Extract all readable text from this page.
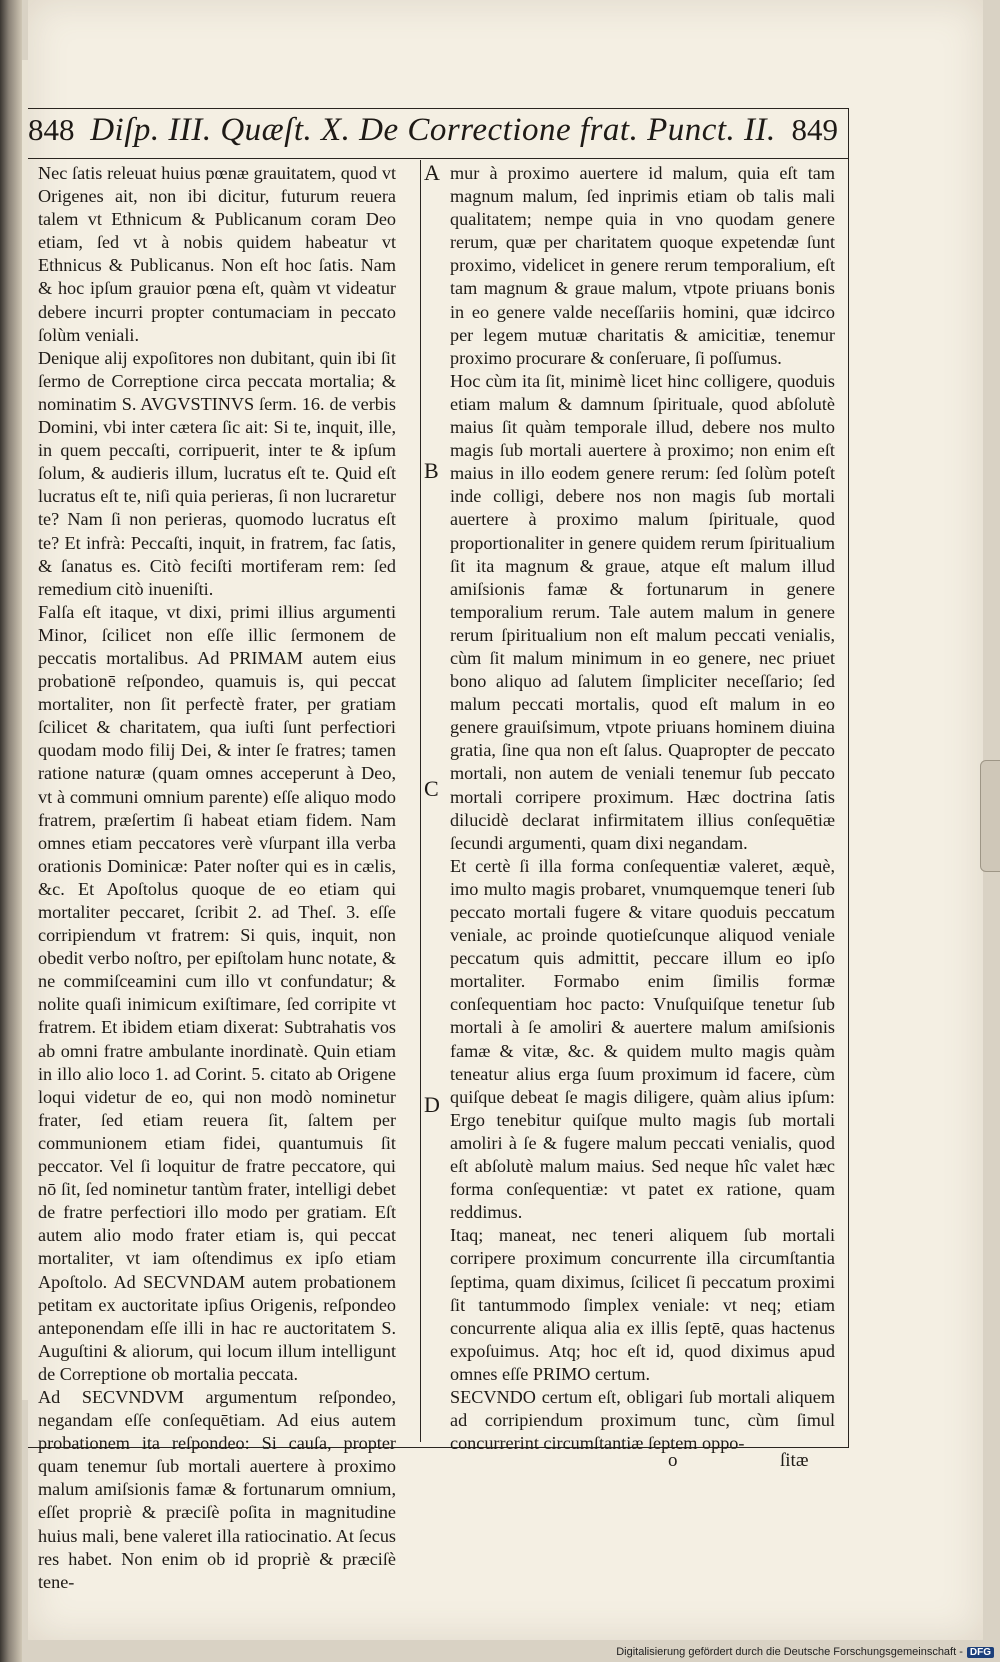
848 Diſp. III. Quæſt. X. De Correctione frat. Punct. II. 849
A
B
C
D
Nec ſatis releuat huius pœnæ grauitatem, quod vt Origenes ait, non ibi dicitur, futurum reuera talem vt Ethnicum & Publicanum coram Deo etiam, ſed vt à nobis quidem habeatur vt Ethnicus & Publicanus. Non eſt hoc ſatis. Nam & hoc ipſum grauior pœna eſt, quàm vt videatur debere incurri propter contumaciam in peccato ſolùm veniali.
Denique alij expoſitores non dubitant, quin ibi ſit ſermo de Correptione circa peccata mortalia; & nominatim S. AVGVSTINVS ſerm. 16. de verbis Domini, vbi inter cætera ſic ait: Si te, inquit, ille, in quem peccaſti, corripuerit, inter te & ipſum ſolum, & audieris illum, lucratus eſt te. Quid eſt lucratus eſt te, niſi quia perieras, ſi non lucraretur te? Nam ſi non perieras, quomodo lucratus eſt te? Et infrà: Peccaſti, inquit, in fratrem, fac ſatis, & ſanatus es. Citò feciſti mortiferam rem: ſed remedium citò inueniſti.
Falſa eſt itaque, vt dixi, primi illius argumenti Minor, ſcilicet non eſſe illic ſermonem de peccatis mortalibus. Ad PRIMAM autem eius probationē reſpondeo, quamuis is, qui peccat mortaliter, non ſit perfectè frater, per gratiam ſcilicet & charitatem, qua iuſti ſunt perfectiori quodam modo filij Dei, & inter ſe fratres; tamen ratione naturæ (quam omnes acceperunt à Deo, vt à communi omnium parente) eſſe aliquo modo fratrem, præſertim ſi habeat etiam fidem. Nam omnes etiam peccatores verè vſurpant illa verba orationis Dominicæ: Pater noſter qui es in cælis, &c. Et Apoſtolus quoque de eo etiam qui mortaliter peccaret, ſcribit 2. ad Theſ. 3. eſſe corripiendum vt fratrem: Si quis, inquit, non obedit verbo noſtro, per epiſtolam hunc notate, & ne commiſceamini cum illo vt confundatur; & nolite quaſi inimicum exiſtimare, ſed corripite vt fratrem. Et ibidem etiam dixerat: Subtrahatis vos ab omni fratre ambulante inordinatè. Quin etiam in illo alio loco 1. ad Corint. 5. citato ab Origene loqui videtur de eo, qui non modò nominetur frater, ſed etiam reuera ſit, ſaltem per communionem etiam fidei, quantumuis ſit peccator. Vel ſi loquitur de fratre peccatore, qui nō ſit, ſed nominetur tantùm frater, intelligi debet de fratre perfectiori illo modo per gratiam. Eſt autem alio modo frater etiam is, qui peccat mortaliter, vt iam oſtendimus ex ipſo etiam Apoſtolo. Ad SECVNDAM autem probationem petitam ex auctoritate ipſius Origenis, reſpondeo anteponendam eſſe illi in hac re auctoritatem S. Auguſtini & aliorum, qui locum illum intelligunt de Correptione ob mortalia peccata.
Ad SECVNDVM argumentum reſpondeo, negandam eſſe conſequētiam. Ad eius autem probationem ita reſpondeo: Si cauſa, propter quam tenemur ſub mortali auertere à proximo malum amiſsionis famæ & fortunarum omnium, eſſet propriè & præciſè poſita in magnitudine huius mali, bene valeret illa ratiocinatio. At ſecus res habet. Non enim ob id propriè & præciſè tene-
mur à proximo auertere id malum, quia eſt tam magnum malum, ſed inprimis etiam ob talis mali qualitatem; nempe quia in vno quodam genere rerum, quæ per charitatem quoque expetendæ ſunt proximo, videlicet in genere rerum temporalium, eſt tam magnum & graue malum, vtpote priuans bonis in eo genere valde neceſſariis homini, quæ idcirco per legem mutuæ charitatis & amicitiæ, tenemur proximo procurare & conſeruare, ſi poſſumus.
Hoc cùm ita ſit, minimè licet hinc colligere, quoduis etiam malum & damnum ſpirituale, quod abſolutè maius ſit quàm temporale illud, debere nos multo magis ſub mortali auertere à proximo; non enim eſt maius in illo eodem genere rerum: ſed ſolùm poteſt inde colligi, debere nos non magis ſub mortali auertere à proximo malum ſpirituale, quod proportionaliter in genere quidem rerum ſpiritualium ſit ita magnum & graue, atque eſt malum illud amiſsionis famæ & fortunarum in genere temporalium rerum. Tale autem malum in genere rerum ſpiritualium non eſt malum peccati venialis, cùm ſit malum minimum in eo genere, nec priuet bono aliquo ad ſalutem ſimpliciter neceſſario; ſed malum peccati mortalis, quod eſt malum in eo genere grauiſsimum, vtpote priuans hominem diuina gratia, ſine qua non eſt ſalus. Quapropter de peccato mortali, non autem de veniali tenemur ſub peccato mortali corripere proximum. Hæc doctrina ſatis dilucidè declarat infirmitatem illius conſequētiæ ſecundi argumenti, quam dixi negandam.
Et certè ſi illa forma conſequentiæ valeret, æquè, imo multo magis probaret, vnumquemque teneri ſub peccato mortali fugere & vitare quoduis peccatum veniale, ac proinde quotieſcunque aliquod veniale peccatum quis admittit, peccare illum eo ipſo mortaliter. Formabo enim ſimilis formæ conſequentiam hoc pacto: Vnuſquiſque tenetur ſub mortali à ſe amoliri & auertere malum amiſsionis famæ & vitæ, &c. & quidem multo magis quàm teneatur alius erga ſuum proximum id facere, cùm quiſque debeat ſe magis diligere, quàm alius ipſum: Ergo tenebitur quiſque multo magis ſub mortali amoliri à ſe & fugere malum peccati venialis, quod eſt abſolutè malum maius. Sed neque hîc valet hæc forma conſequentiæ: vt patet ex ratione, quam reddimus.
Itaq; maneat, nec teneri aliquem ſub mortali corripere proximum concurrente illa circumſtantia ſeptima, quam diximus, ſcilicet ſi peccatum proximi ſit tantummodo ſimplex veniale: vt neq; etiam concurrente aliqua alia ex illis ſeptē, quas hactenus expoſuimus. Atq; hoc eſt id, quod diximus apud omnes eſſe PRIMO certum.
SECVNDO certum eſt, obligari ſub mortali aliquem ad corripiendum proximum tunc, cùm ſimul concurrerint circumſtantiæ ſeptem oppo-
o	ſitæ
Digitalisierung gefördert durch die Deutsche Forschungsgemeinschaft - DFG
